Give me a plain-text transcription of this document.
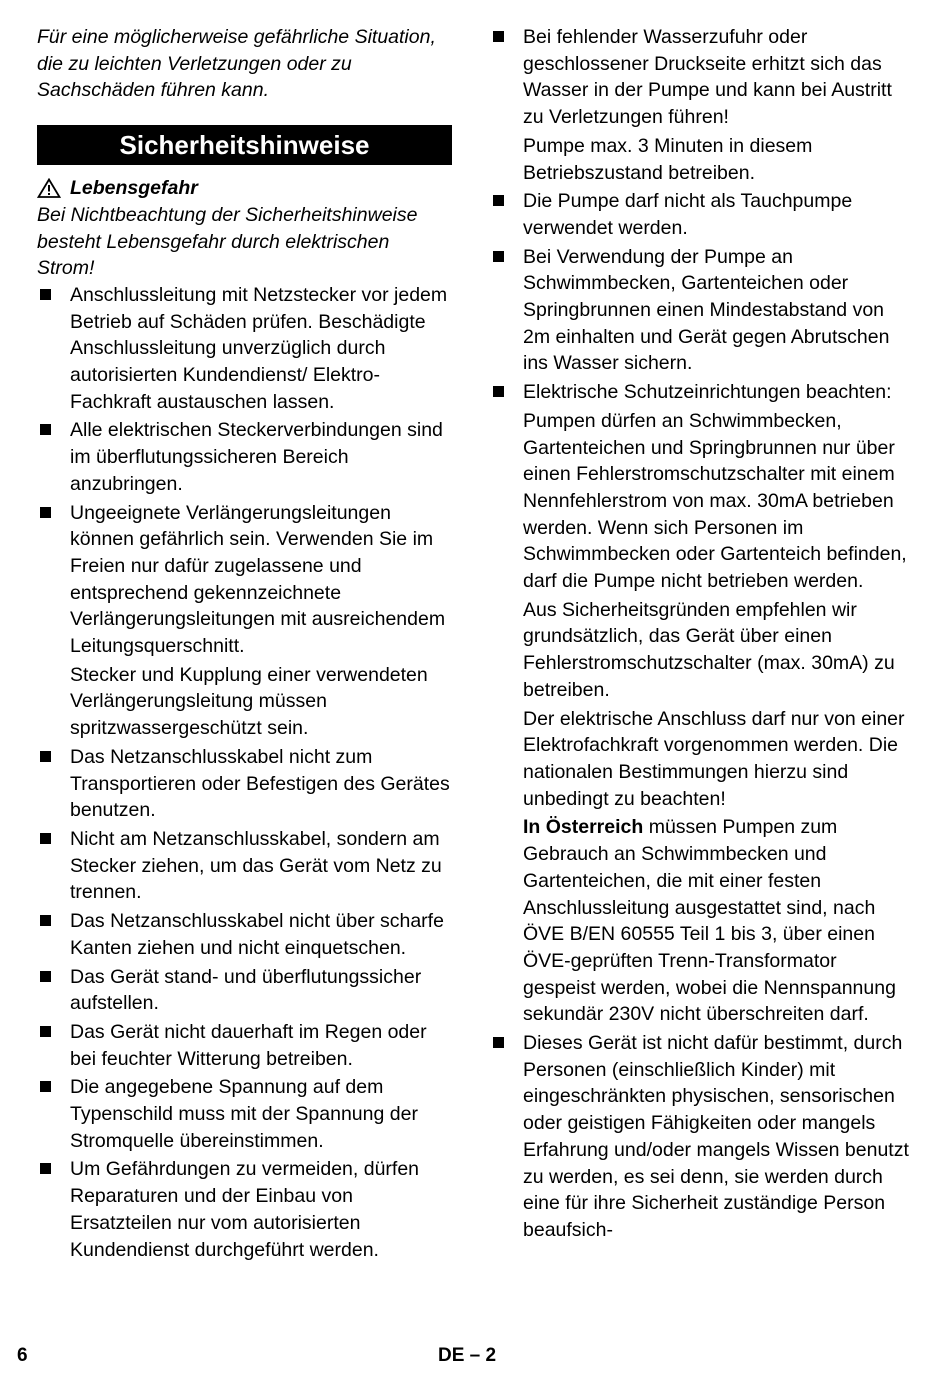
Für eine möglicherweise gefährliche Situation, die zu leichten Verletzungen oder zu Sachschäden führen kann.

Sicherheitshinweise
Lebensgefahr

Bei Nichtbeachtung der Sicherheitshinweise besteht Lebensgefahr durch elektrischen Strom!

Anschlussleitung mit Netzstecker vor jedem Betrieb auf Schäden prüfen. Beschädigte Anschlussleitung unverzüglich durch autorisierten Kundendienst/ Elektro-Fachkraft austauschen lassen.

Alle elektrischen Steckerverbindungen sind im überflutungssicheren Bereich anzubringen.

Ungeeignete Verlängerungsleitungen können gefährlich sein. Verwenden Sie im Freien nur dafür zugelassene und entsprechend gekennzeichnete Verlängerungsleitungen mit ausreichendem Leitungsquerschnitt.

Stecker und Kupplung einer verwendeten Verlängerungsleitung müssen spritzwassergeschützt sein.

Das Netzanschlusskabel nicht zum Transportieren oder Befestigen des Gerätes benutzen.

Nicht am Netzanschlusskabel, sondern am Stecker ziehen, um das Gerät vom Netz zu trennen.

Das Netzanschlusskabel nicht über scharfe Kanten ziehen und nicht einquetschen.

Das Gerät stand- und überflutungssicher aufstellen.

Das Gerät nicht dauerhaft im Regen oder bei feuchter Witterung betreiben.

Die angegebene Spannung auf dem Typenschild muss mit der Spannung der Stromquelle übereinstimmen.

Um Gefährdungen zu vermeiden, dürfen Reparaturen und der Einbau von Ersatzteilen nur vom autorisierten Kundendienst durchgeführt werden.

Bei fehlender Wasserzufuhr oder geschlossener Druckseite erhitzt sich das Wasser in der Pumpe und kann bei Austritt zu Verletzungen führen!

Pumpe max. 3 Minuten in diesem Betriebszustand betreiben.

Die Pumpe darf nicht als Tauchpumpe verwendet werden.

Bei Verwendung der Pumpe an Schwimmbecken, Gartenteichen oder Springbrunnen einen Mindestabstand von 2m einhalten und Gerät gegen Abrutschen ins Wasser sichern.

Elektrische Schutzeinrichtungen beachten:

Pumpen dürfen an Schwimmbecken, Gartenteichen und Springbrunnen nur über einen Fehlerstromschutzschalter mit einem Nennfehlerstrom von max. 30mA betrieben werden. Wenn sich Personen im Schwimmbecken oder Gartenteich befinden, darf die Pumpe nicht betrieben werden.

Aus Sicherheitsgründen empfehlen wir grundsätzlich, das Gerät über einen Fehlerstromschutzschalter (max. 30mA) zu betreiben.

Der elektrische Anschluss darf nur von einer Elektrofachkraft vorgenommen werden. Die nationalen Bestimmungen hierzu sind unbedingt zu beachten!

In Österreich müssen Pumpen zum Gebrauch an Schwimmbecken und Gartenteichen, die mit einer festen Anschlussleitung ausgestattet sind, nach ÖVE B/EN 60555 Teil 1 bis 3, über einen ÖVE-geprüften Trenn-Transformator gespeist werden, wobei die Nennspannung sekundär 230V nicht überschreiten darf.

Dieses Gerät ist nicht dafür bestimmt, durch Personen (einschließlich Kinder) mit eingeschränkten physischen, sensorischen oder geistigen Fähigkeiten oder mangels Erfahrung und/oder mangels Wissen benutzt zu werden, es sei denn, sie werden durch eine für ihre Sicherheit zuständige Person beaufsich-

6	DE – 2
